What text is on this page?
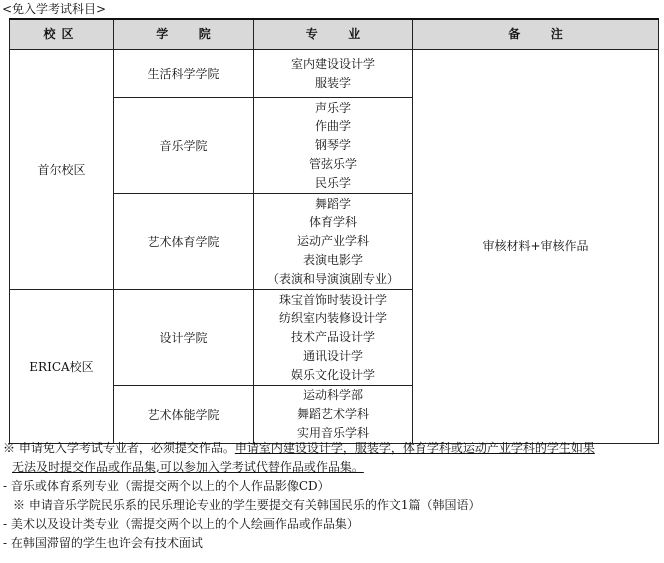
<免入学考试科目>
校区	学 院	专 业	备 注
首尔校区	生活科学学院	室内建设设计学
服装学	审核材料+审核作品
	音乐学院	声乐学
作曲学
钢琴学
管弦乐学
民乐学	

	艺术体育学院	舞蹈学
体育学科
运动产业学科
表演电影学
（表演和导演演剧专业）	

ERICA校区	设计学院	珠宝首饰时装设计学
纺织室内装修设计学
技术产品设计学
通讯设计学
娱乐文化设计学	

	艺术体能学院	运动科学部
舞蹈艺术学科
实用音乐学科	
※ 申请免入学考试专业者，必须提交作品。申请室内建设设计学，服装学，体育学科或运动产业学科的学生如果
无法及时提交作品或作品集,可以参加入学考试代替作品或作品集。
- 音乐或体育系列专业（需提交两个以上的个人作品影像CD）
※ 申请音乐学院民乐系的民乐理论专业的学生要提交有关韩国民乐的作文1篇（韩国语）
- 美术以及设计类专业（需提交两个以上的个人绘画作品或作品集）
- 在韩国滞留的学生也许会有技术面试
